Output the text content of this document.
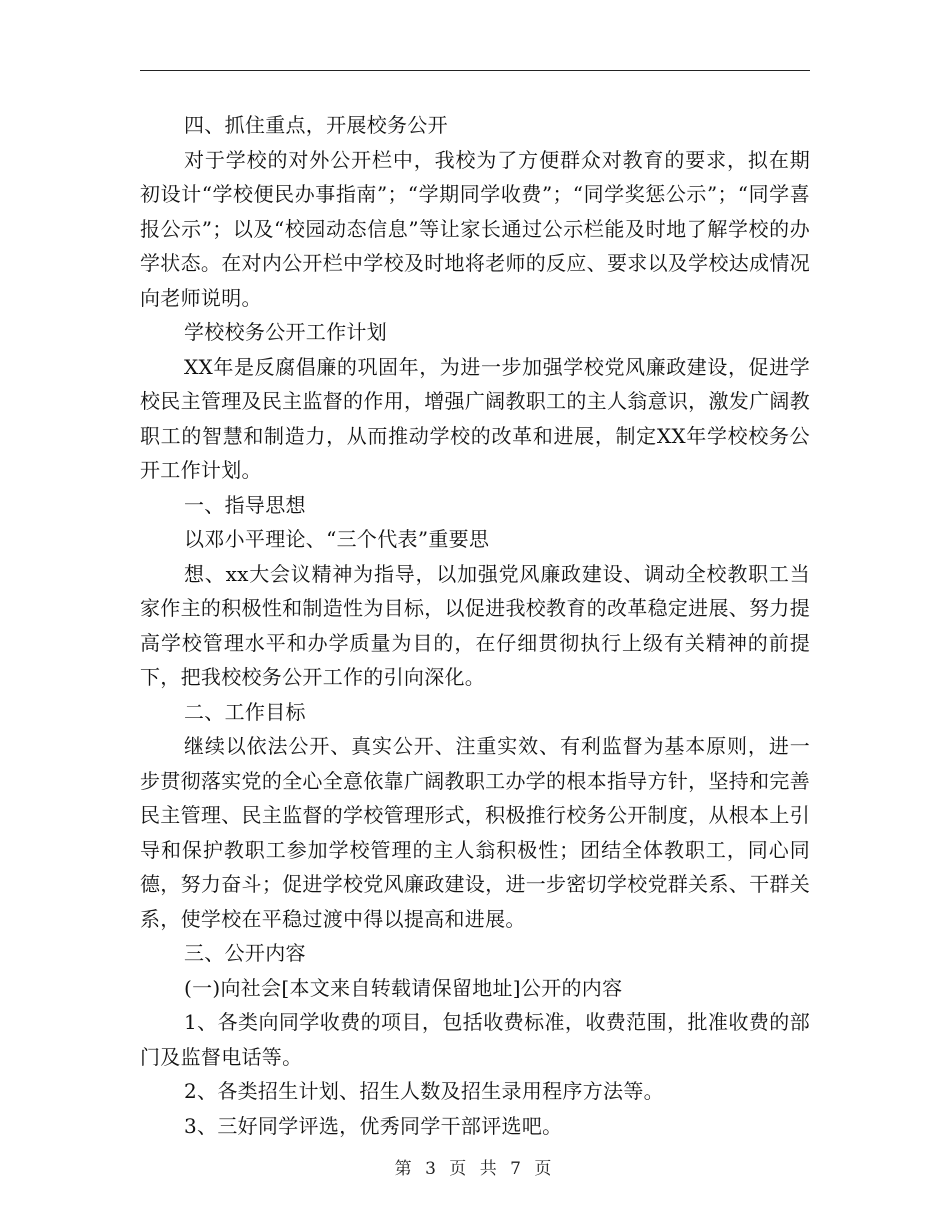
四、抓住重点，开展校务公开

对于学校的对外公开栏中，我校为了方便群众对教育的要求，拟在期初设计“学校便民办事指南”；“学期同学收费”；“同学奖惩公示”；“同学喜报公示”；以及“校园动态信息”等让家长通过公示栏能及时地了解学校的办学状态。在对内公开栏中学校及时地将老师的反应、要求以及学校达成情况向老师说明。

学校校务公开工作计划

XX年是反腐倡廉的巩固年，为进一步加强学校党风廉政建设，促进学校民主管理及民主监督的作用，增强广阔教职工的主人翁意识，激发广阔教职工的智慧和制造力，从而推动学校的改革和进展，制定XX年学校校务公开工作计划。

一、指导思想

以邓小平理论、“三个代表”重要思

想、xx大会议精神为指导，以加强党风廉政建设、调动全校教职工当家作主的积极性和制造性为目标，以促进我校教育的改革稳定进展、努力提高学校管理水平和办学质量为目的，在仔细贯彻执行上级有关精神的前提下，把我校校务公开工作的引向深化。

二、工作目标

继续以依法公开、真实公开、注重实效、有利监督为基本原则，进一步贯彻落实党的全心全意依靠广阔教职工办学的根本指导方针，坚持和完善民主管理、民主监督的学校管理形式，积极推行校务公开制度，从根本上引导和保护教职工参加学校管理的主人翁积极性；团结全体教职工，同心同德，努力奋斗；促进学校党风廉政建设，进一步密切学校党群关系、干群关系，使学校在平稳过渡中得以提高和进展。

三、公开内容

(一)向社会[本文来自转载请保留地址]公开的内容

1、各类向同学收费的项目，包括收费标准，收费范围，批准收费的部门及监督电话等。

2、各类招生计划、招生人数及招生录用程序方法等。

3、三好同学评选，优秀同学干部评选吧。

第 3 页 共 7 页
